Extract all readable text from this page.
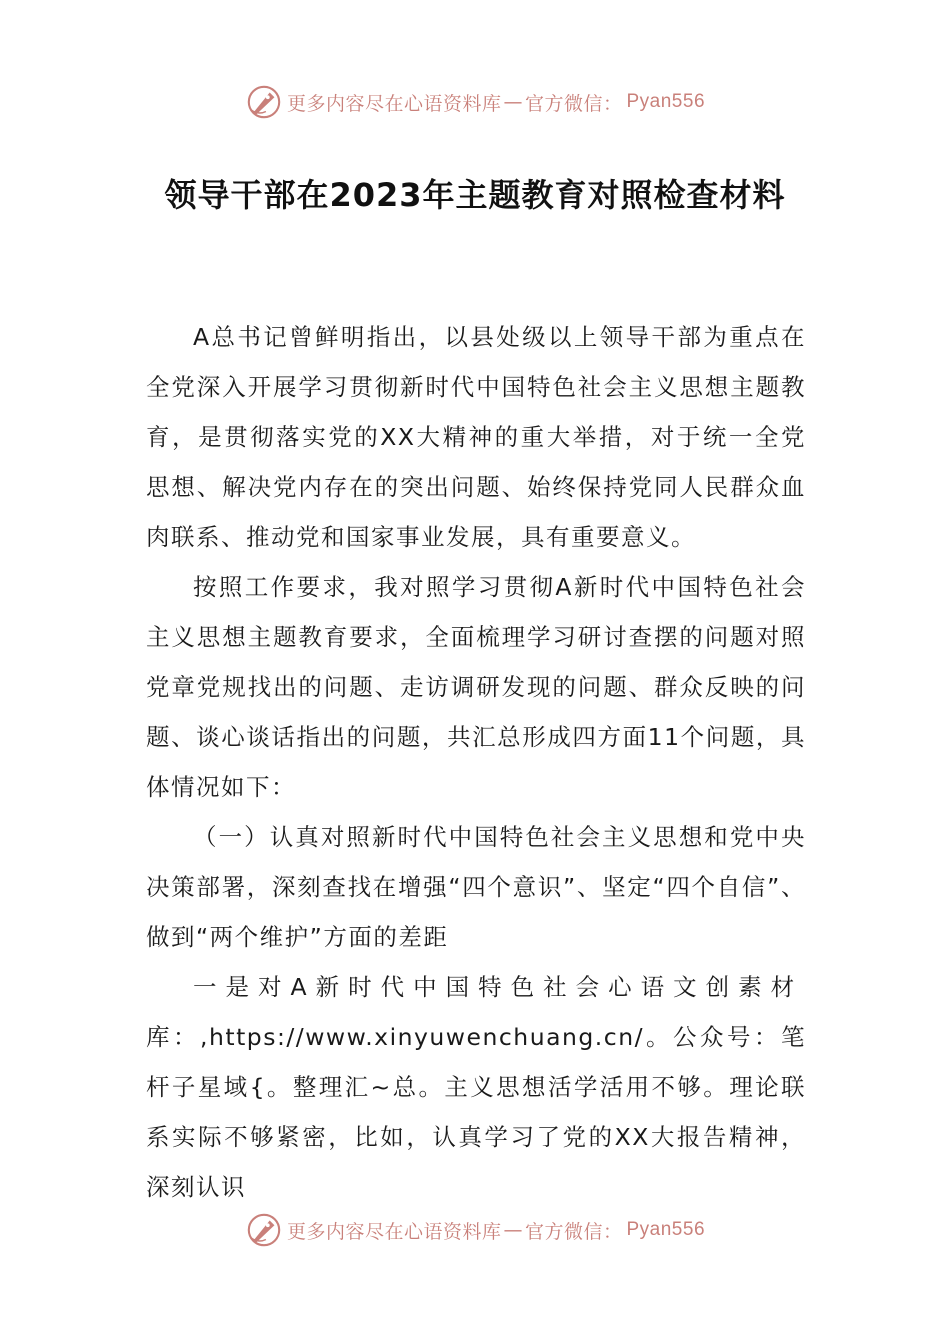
更多内容尽在心语资料库 — 官方微信： Pyan556
领导干部在2023年主题教育对照检查材料

A总书记曾鲜明指出，以县处级以上领导干部为重点在全党深入开展学习贯彻新时代中国特色社会主义思想主题教育，是贯彻落实党的XX大精神的重大举措，对于统一全党思想、解决党内存在的突出问题、始终保持党同人民群众血肉联系、推动党和国家事业发展，具有重要意义。

按照工作要求，我对照学习贯彻A新时代中国特色社会主义思想主题教育要求，全面梳理学习研讨查摆的问题对照党章党规找出的问题、走访调研发现的问题、群众反映的问题、谈心谈话指出的问题，共汇总形成四方面11个问题，具体情况如下：

（一）认真对照新时代中国特色社会主义思想和党中央决策部署，深刻查找在增强“四个意识”、坚定“四个自信”、做到“两个维护”方面的差距

一是对A新时代中国特色社会心语文创素材

库：,https://www.xinyuwenchuang.cn/。公众号：笔杆子星域{。整理汇~总。主义思想活学活用不够。理论联系实际不够紧密，比如，认真学习了党的XX大报告精神，深刻认识

更多内容尽在心语资料库 — 官方微信： Pyan556
